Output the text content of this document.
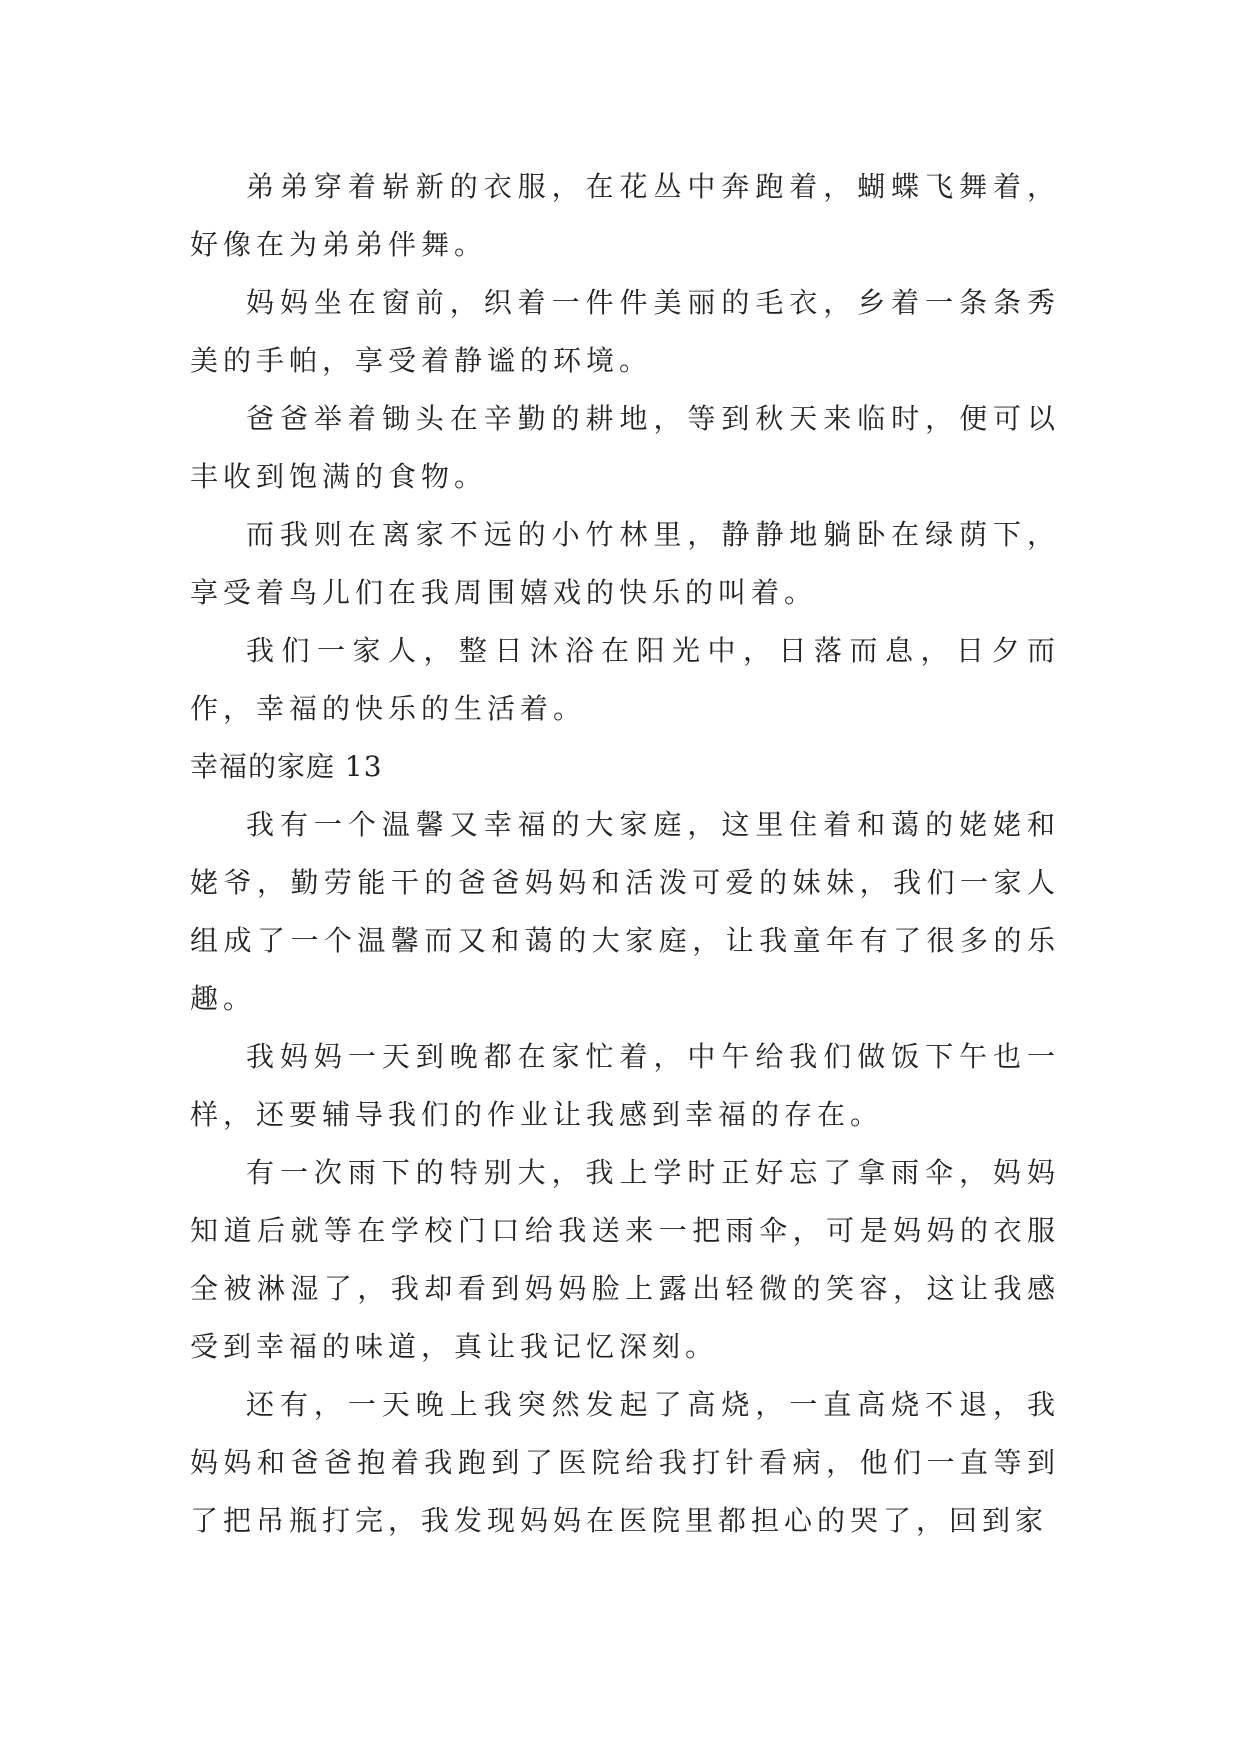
弟弟穿着崭新的衣服，在花丛中奔跑着，蝴蝶飞舞着，好像在为弟弟伴舞。

妈妈坐在窗前，织着一件件美丽的毛衣，乡着一条条秀美的手帕，享受着静谧的环境。

爸爸举着锄头在辛勤的耕地，等到秋天来临时，便可以丰收到饱满的食物。

而我则在离家不远的小竹林里，静静地躺卧在绿荫下，享受着鸟儿们在我周围嬉戏的快乐的叫着。

我们一家人，整日沐浴在阳光中，日落而息，日夕而作，幸福的快乐的生活着。

幸福的家庭 13

我有一个温馨又幸福的大家庭，这里住着和蔼的姥姥和姥爷，勤劳能干的爸爸妈妈和活泼可爱的妹妹，我们一家人组成了一个温馨而又和蔼的大家庭，让我童年有了很多的乐趣。

我妈妈一天到晚都在家忙着，中午给我们做饭下午也一样，还要辅导我们的作业让我感到幸福的存在。

有一次雨下的特别大，我上学时正好忘了拿雨伞，妈妈知道后就等在学校门口给我送来一把雨伞，可是妈妈的衣服全被淋湿了，我却看到妈妈脸上露出轻微的笑容，这让我感受到幸福的味道，真让我记忆深刻。

还有，一天晚上我突然发起了高烧，一直高烧不退，我妈妈和爸爸抱着我跑到了医院给我打针看病，他们一直等到了把吊瓶打完，我发现妈妈在医院里都担心的哭了，回到家
